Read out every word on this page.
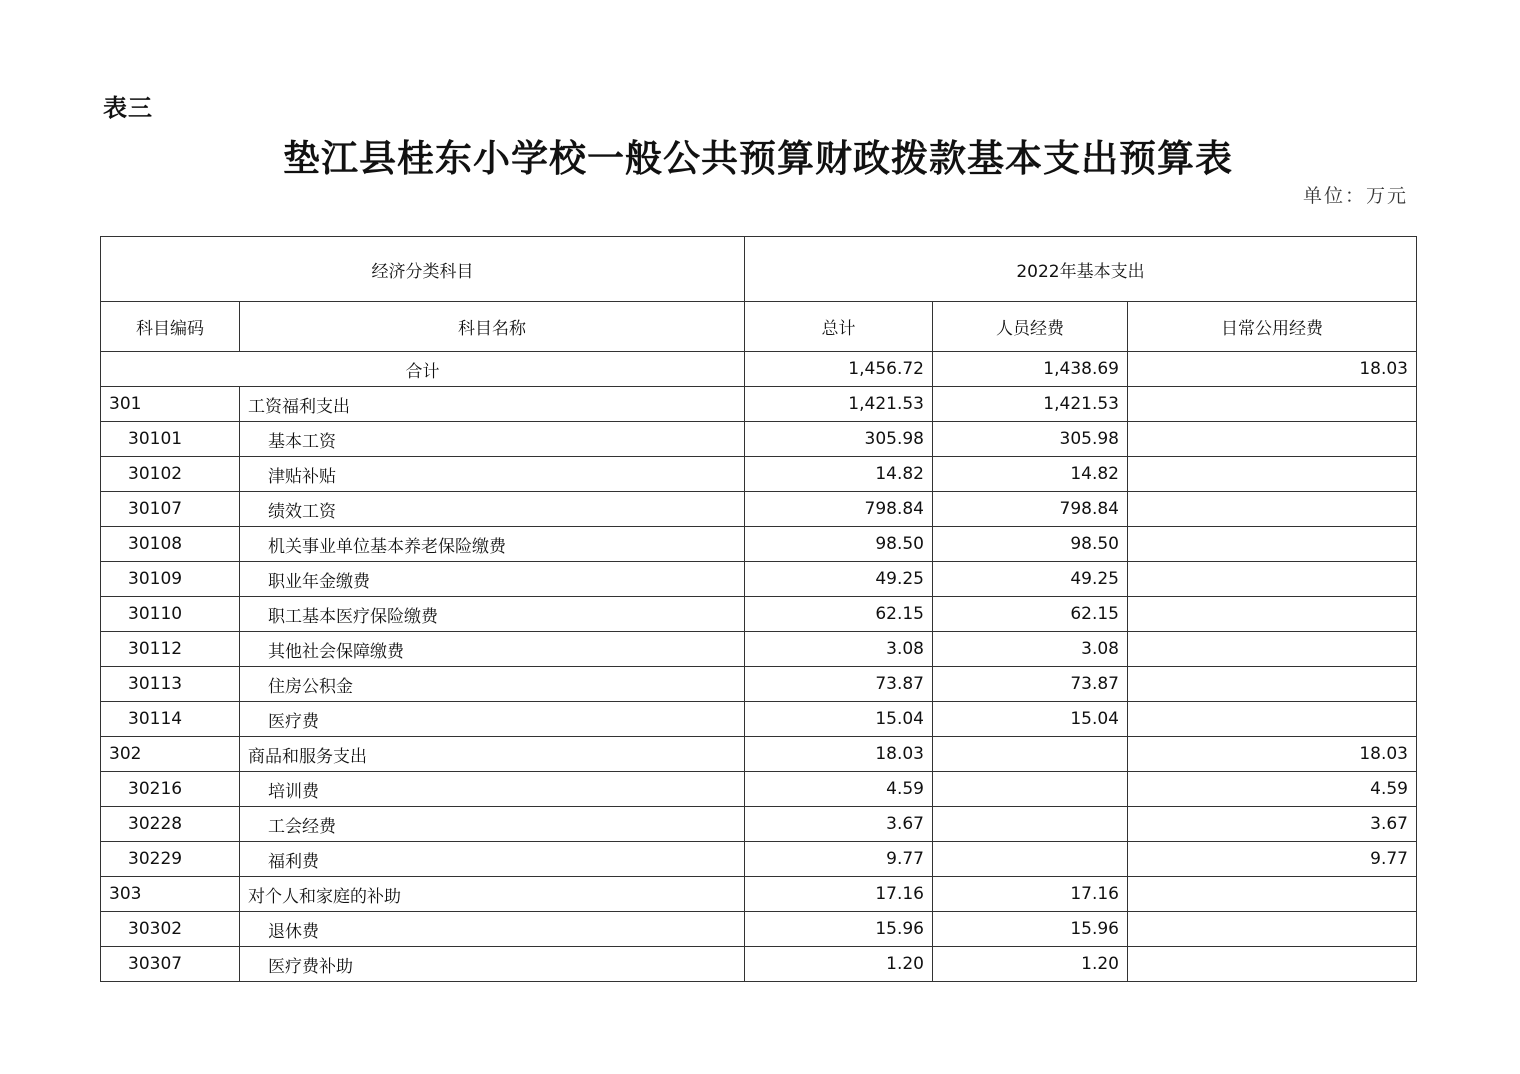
表三
垫江县桂东小学校一般公共预算财政拨款基本支出预算表
单位：万元
经济分类科目		2022年基本支出		
科目编码	科目名称	总计	人员经费	日常公用经费
合计		1,456.72	1,438.69	18.03
301	工资福利支出	1,421.53	1,421.53	
30101	基本工资	305.98	305.98	
30102	津贴补贴	14.82	14.82	
30107	绩效工资	798.84	798.84	
30108	机关事业单位基本养老保险缴费	98.50	98.50	
30109	职业年金缴费	49.25	49.25	
30110	职工基本医疗保险缴费	62.15	62.15	
30112	其他社会保障缴费	3.08	3.08	
30113	住房公积金	73.87	73.87	
30114	医疗费	15.04	15.04	
302	商品和服务支出	18.03		18.03
30216	培训费	4.59		4.59
30228	工会经费	3.67		3.67
30229	福利费	9.77		9.77
303	对个人和家庭的补助	17.16	17.16	
30302	退休费	15.96	15.96	
30307	医疗费补助	1.20	1.20	
